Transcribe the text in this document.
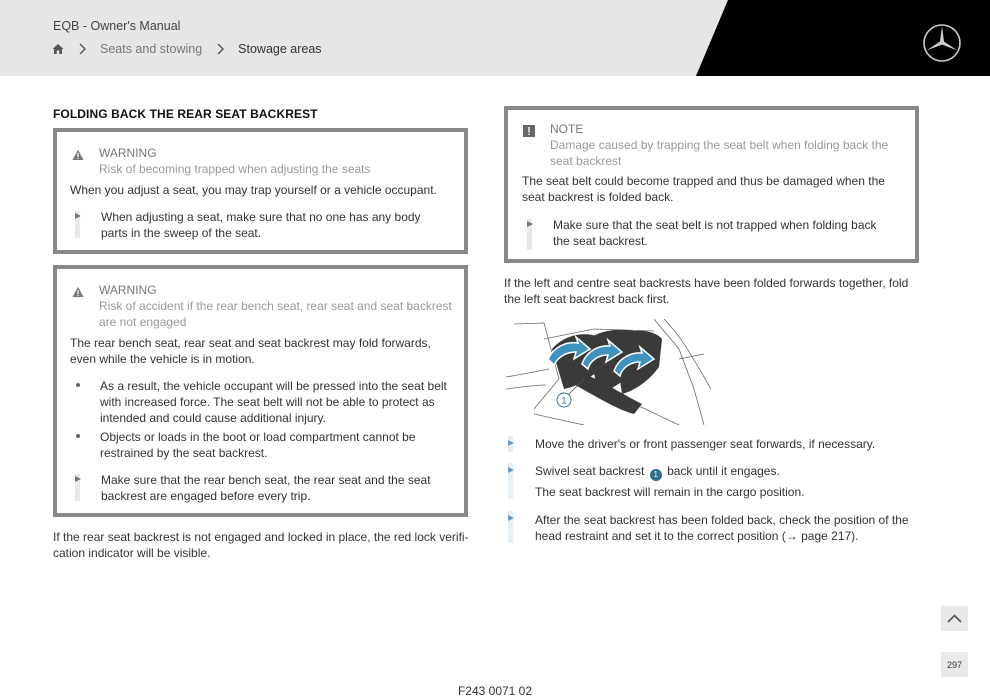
EQB - Owner's Manual
Seats and stowing	Stowage areas
FOLDING BACK THE REAR SEAT BACKREST
WARNING
Risk of becoming trapped when adjusting the seats
When you adjust a seat, you may trap yourself or a vehicle occupant.
When adjusting a seat, make sure that no one has any body
parts in the sweep of the seat.
WARNING
Risk of accident if the rear bench seat, rear seat and seat backrest
are not engaged
The rear bench seat, rear seat and seat backrest may fold forwards,
even while the vehicle is in motion.
As a result, the vehicle occupant will be pressed into the seat belt
with increased force. The seat belt will not be able to protect as
intended and could cause additional injury.
Objects or loads in the boot or load compartment cannot be
restrained by the seat backrest.
Make sure that the rear bench seat, the rear seat and the seat
backrest are engaged before every trip.
If the rear seat backrest is not engaged and locked in place, the red lock verifi-
cation indicator will be visible.
NOTE
Damage caused by trapping the seat belt when folding back the
seat backrest
The seat belt could become trapped and thus be damaged when the
seat backrest is folded back.
Make sure that the seat belt is not trapped when folding back
the seat backrest.
If the left and centre seat backrests have been folded forwards together, fold
the left seat backrest back first.
1
Move the driver's or front passenger seat forwards, if necessary.
Swivel seat backrest 1 back until it engages.
The seat backrest will remain in the cargo position.
After the seat backrest has been folded back, check the position of the
head restraint and set it to the correct position (→ page 217).
297
F243 0071 02
